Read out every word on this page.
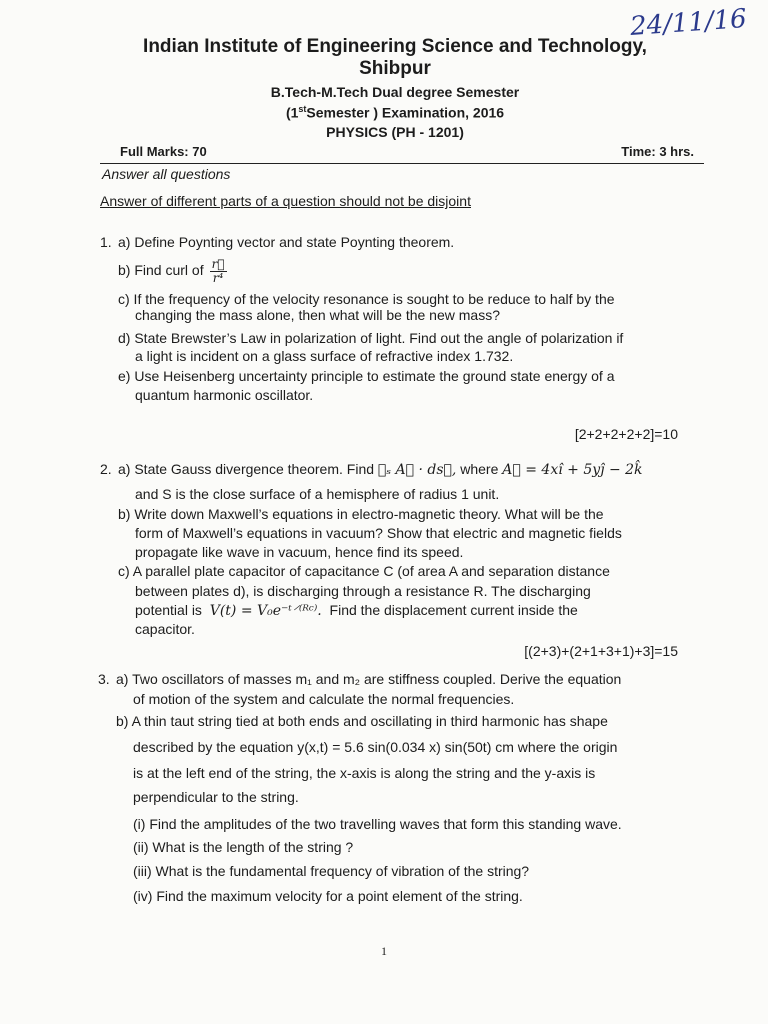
24/11/16
Indian Institute of Engineering Science and Technology,
Shibpur
B.Tech-M.Tech Dual degree Semester
(1stSemester ) Examination, 2016
PHYSICS (PH - 1201)
Full Marks: 70	Time: 3 hrs.
Answer all questions
Answer of different parts of a question should not be disjoint
1. a) Define Poynting vector and state Poynting theorem.
b) Find curl of $\frac{r⃗}{\text{r⁴}}$
c) If the frequency of the velocity resonance is sought to be reduce to half by the
changing the mass alone, then what will be the new mass?
d) State Brewster’s Law in polarization of light. Find out the angle of polarization if
a light is incident on a glass surface of refractive index 1.732.
e) Use Heisenberg uncertainty principle to estimate the ground state energy of a
quantum harmonic oscillator.
[2+2+2+2+2]=10
2. a) State Gauss divergence theorem. Find ∯ₛ A⃗ · ds⃗, where A⃗ = 4xî + 5yĵ − 2k̂
and S is the close surface of a hemisphere of radius 1 unit.
b) Write down Maxwell’s equations in electro-magnetic theory. What will be the
form of Maxwell’s equations in vacuum? Show that electric and magnetic fields
propagate like wave in vacuum, hence find its speed.
c) A parallel plate capacitor of capacitance C (of area A and separation distance
between plates d), is discharging through a resistance R. The discharging
potential is V(t) = V₀e⁻ᵗ⸍⁽ᴿᶜ⁾. Find the displacement current inside the
capacitor.
[(2+3)+(2+1+3+1)+3]=15
3. a) Two oscillators of masses m₁ and m₂ are stiffness coupled. Derive the equation
of motion of the system and calculate the normal frequencies.
b) A thin taut string tied at both ends and oscillating in third harmonic has shape
described by the equation y(x,t) = 5.6 sin(0.034 x) sin(50t) cm where the origin
is at the left end of the string, the x-axis is along the string and the y-axis is
perpendicular to the string.
(i) Find the amplitudes of the two travelling waves that form this standing wave.
(ii) What is the length of the string ?
(iii) What is the fundamental frequency of vibration of the string?
(iv) Find the maximum velocity for a point element of the string.
1
